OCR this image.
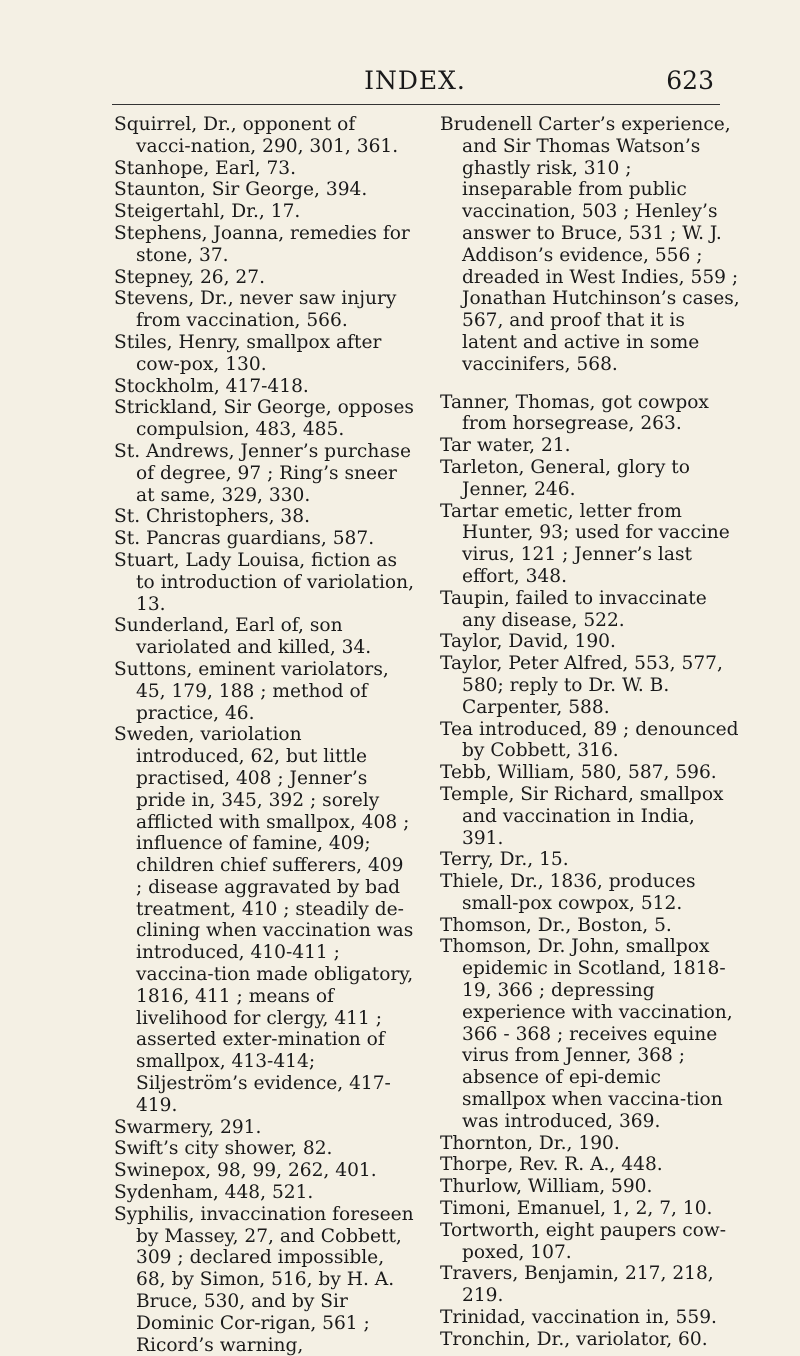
INDEX.	623
Squirrel, Dr., opponent of vacci-nation, 290, 301, 361.
Stanhope, Earl, 73.
Staunton, Sir George, 394.
Steigertahl, Dr., 17.
Stephens, Joanna, remedies for stone, 37.
Stepney, 26, 27.
Stevens, Dr., never saw injury from vaccination, 566.
Stiles, Henry, smallpox after cow-pox, 130.
Stockholm, 417-418.
Strickland, Sir George, opposes compulsion, 483, 485.
St. Andrews, Jenner’s purchase of degree, 97 ; Ring’s sneer at same, 329, 330.
St. Christophers, 38.
St. Pancras guardians, 587.
Stuart, Lady Louisa, fiction as to introduction of variolation, 13.
Sunderland, Earl of, son variolated and killed, 34.
Suttons, eminent variolators, 45, 179, 188 ; method of practice, 46.
Sweden, variolation introduced, 62, but little practised, 408 ; Jenner’s pride in, 345, 392 ; sorely afflicted with smallpox, 408 ; influence of famine, 409; children chief sufferers, 409 ; disease aggravated by bad treatment, 410 ; steadily de-clining when vaccination was introduced, 410-411 ; vaccina-tion made obligatory, 1816, 411 ; means of livelihood for clergy, 411 ; asserted exter-mination of smallpox, 413-414; Siljeström’s evidence, 417-419.
Swarmery, 291.
Swift’s city shower, 82.
Swinepox, 98, 99, 262, 401.
Sydenham, 448, 521.
Syphilis, invaccination foreseen by Massey, 27, and Cobbett, 309 ; declared impossible, 68, by Simon, 516, by H. A. Bruce, 530, and by Sir Dominic Cor-rigan, 561 ; Ricord’s warning,
Brudenell Carter’s experience, and Sir Thomas Watson’s ghastly risk, 310 ; inseparable from public vaccination, 503 ; Henley’s answer to Bruce, 531 ; W. J. Addison’s evidence, 556 ; dreaded in West Indies, 559 ; Jonathan Hutchinson’s cases, 567, and proof that it is latent and active in some vaccinifers, 568.
Tanner, Thomas, got cowpox from horsegrease, 263.
Tar water, 21.
Tarleton, General, glory to Jenner, 246.
Tartar emetic, letter from Hunter, 93; used for vaccine virus, 121 ; Jenner’s last effort, 348.
Taupin, failed to invaccinate any disease, 522.
Taylor, David, 190.
Taylor, Peter Alfred, 553, 577, 580; reply to Dr. W. B. Carpenter, 588.
Tea introduced, 89 ; denounced by Cobbett, 316.
Tebb, William, 580, 587, 596.
Temple, Sir Richard, smallpox and vaccination in India, 391.
Terry, Dr., 15.
Thiele, Dr., 1836, produces small-pox cowpox, 512.
Thomson, Dr., Boston, 5.
Thomson, Dr. John, smallpox epidemic in Scotland, 1818-19, 366 ; depressing experience with vaccination, 366 - 368 ; receives equine virus from Jenner, 368 ; absence of epi-demic smallpox when vaccina-tion was introduced, 369.
Thornton, Dr., 190.
Thorpe, Rev. R. A., 448.
Thurlow, William, 590.
Timoni, Emanuel, 1, 2, 7, 10.
Tortworth, eight paupers cow-poxed, 107.
Travers, Benjamin, 217, 218, 219.
Trinidad, vaccination in, 559.
Tronchin, Dr., variolator, 60.
